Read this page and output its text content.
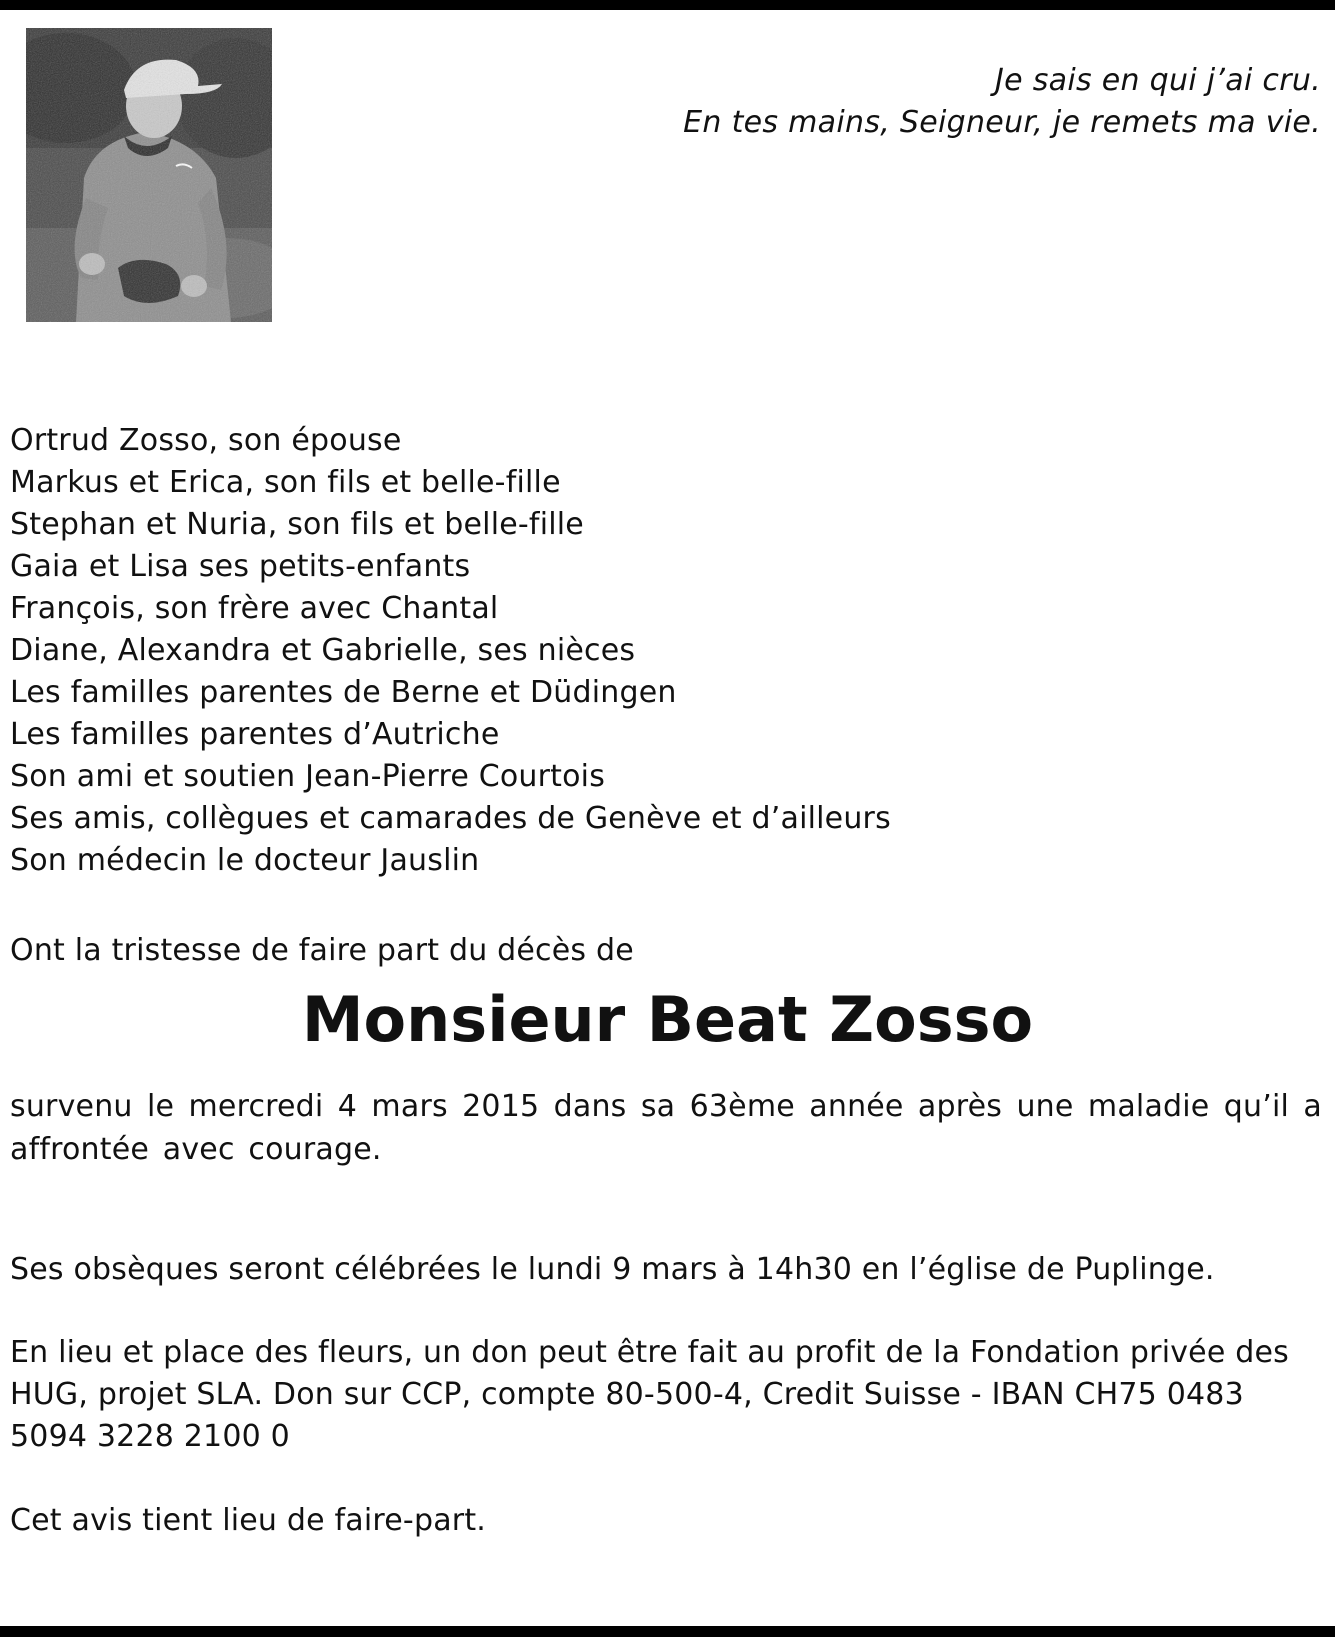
Je sais en qui j’ai cru.
En tes mains, Seigneur, je remets ma vie.
Ortrud Zosso, son épouse
Markus et Erica, son fils et belle-fille
Stephan et Nuria, son fils et belle-fille
Gaia et Lisa ses petits-enfants
François, son frère avec Chantal
Diane, Alexandra et Gabrielle, ses nièces
Les familles parentes de Berne et Düdingen
Les familles parentes d’Autriche
Son ami et soutien Jean-Pierre Courtois
Ses amis, collègues et camarades de Genève et d’ailleurs
Son médecin le docteur Jauslin
Ont la tristesse de faire part du décès de
Monsieur Beat Zosso
survenu le mercredi 4 mars 2015 dans sa 63ème année après une maladie qu’il a affrontée avec courage.
Ses obsèques seront célébrées le lundi 9 mars à 14h30 en l’église de Puplinge.
En lieu et place des fleurs, un don peut être fait au profit de la Fondation privée des HUG, projet SLA. Don sur CCP, compte 80-500-4, Credit Suisse - IBAN CH75 0483 5094 3228 2100 0
Cet avis tient lieu de faire-part.
